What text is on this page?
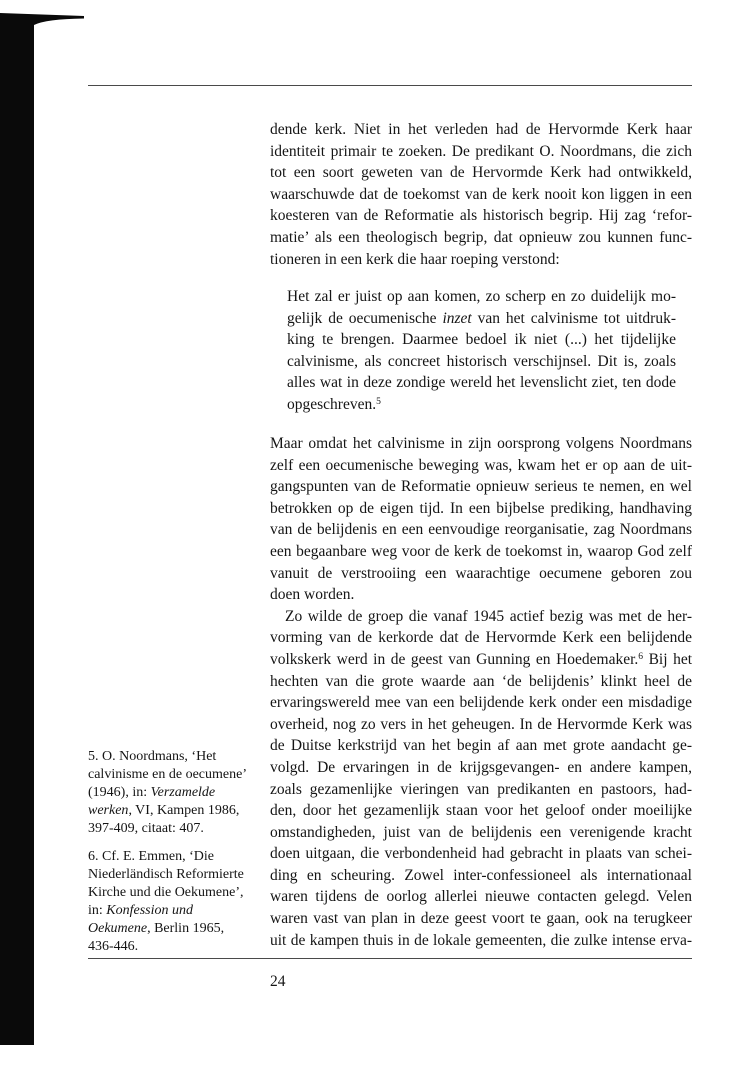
dende kerk. Niet in het verleden had de Hervormde Kerk haar
identiteit primair te zoeken. De predikant O. Noordmans, die zich
tot een soort geweten van de Hervormde Kerk had ontwikkeld,
waarschuwde dat de toekomst van de kerk nooit kon liggen in een
koesteren van de Reformatie als historisch begrip. Hij zag ‘refor-
matie’ als een theologisch begrip, dat opnieuw zou kunnen func-
tioneren in een kerk die haar roeping verstond:
Het zal er juist op aan komen, zo scherp en zo duidelijk mo-
gelijk de oecumenische inzet van het calvinisme tot uitdruk-
king te brengen. Daarmee bedoel ik niet (...) het tijdelijke
calvinisme, als concreet historisch verschijnsel. Dit is, zoals
alles wat in deze zondige wereld het levenslicht ziet, ten dode
opgeschreven.$^5$
Maar omdat het calvinisme in zijn oorsprong volgens Noordmans
zelf een oecumenische beweging was, kwam het er op aan de uit-
gangspunten van de Reformatie opnieuw serieus te nemen, en wel
betrokken op de eigen tijd. In een bijbelse prediking, handhaving
van de belijdenis en een eenvoudige reorganisatie, zag Noordmans
een begaanbare weg voor de kerk de toekomst in, waarop God zelf
vanuit de verstrooiing een waarachtige oecumene geboren zou
doen worden.
Zo wilde de groep die vanaf 1945 actief bezig was met de her-
vorming van de kerkorde dat de Hervormde Kerk een belijdende
volkskerk werd in de geest van Gunning en Hoedemaker.$^6$ Bij het
hechten van die grote waarde aan ‘de belijdenis’ klinkt heel de
ervaringswereld mee van een belijdende kerk onder een misdadige
overheid, nog zo vers in het geheugen. In de Hervormde Kerk was
de Duitse kerkstrijd van het begin af aan met grote aandacht ge-
volgd. De ervaringen in de krijgsgevangen- en andere kampen,
zoals gezamenlijke vieringen van predikanten en pastoors, had-
den, door het gezamenlijk staan voor het geloof onder moeilijke
omstandigheden, juist van de belijdenis een verenigende kracht
doen uitgaan, die verbondenheid had gebracht in plaats van schei-
ding en scheuring. Zowel inter-confessioneel als internationaal
waren tijdens de oorlog allerlei nieuwe contacten gelegd. Velen
waren vast van plan in deze geest voort te gaan, ook na terugkeer
uit de kampen thuis in de lokale gemeenten, die zulke intense erva-
5. O. Noordmans, ‘Het
calvinisme en de oecumene’
(1946), in: Verzamelde
werken, VI, Kampen 1986,
397-409, citaat: 407.
6. Cf. E. Emmen, ‘Die
Niederländisch Reformierte
Kirche und die Oekumene’,
in: Konfession und
Oekumene, Berlin 1965,
436-446.
24
